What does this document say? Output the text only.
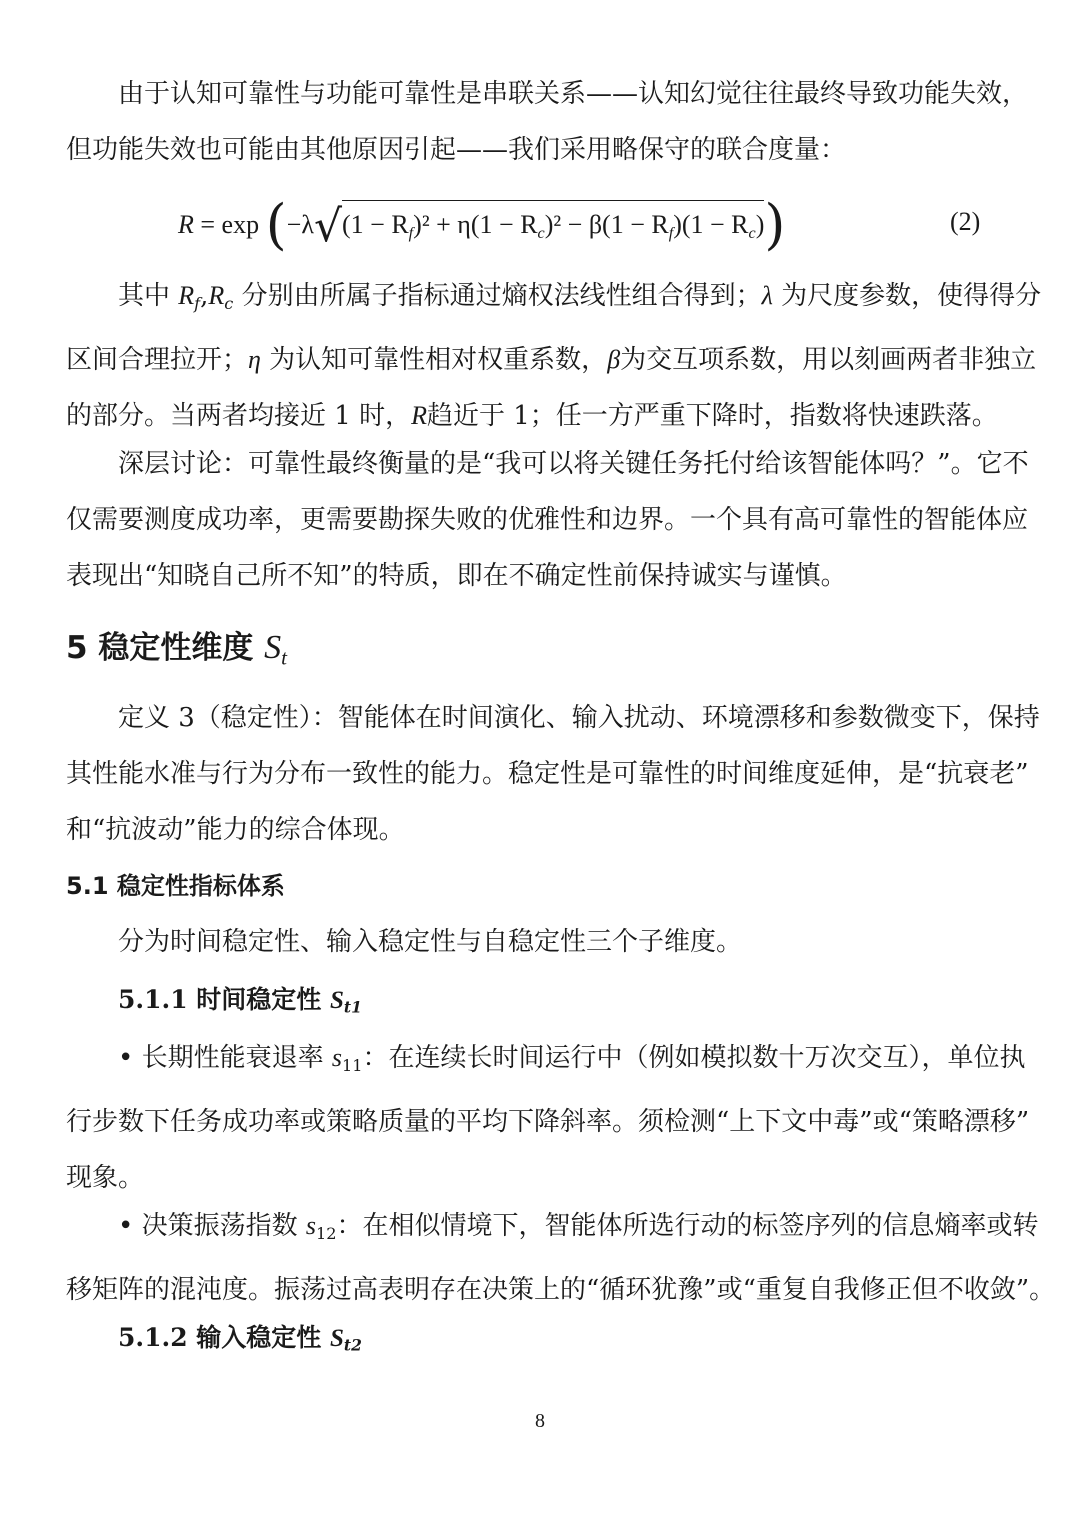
由于认知可靠性与功能可靠性是串联关系——认知幻觉往往最终导致功能失效，
但功能失效也可能由其他原因引起——我们采用略保守的联合度量：
$R = \exp (-\lambda√(1 - R_f)^2 + \eta(1 - R_c)^2 - \beta(1 - R_f)(1 - R_c))$	(2)
其中 $R_f,R_c$ 分别由所属子指标通过熵权法线性组合得到；λ 为尺度参数，使得得分
区间合理拉开；η 为认知可靠性相对权重系数，β为交互项系数，用以刻画两者非独立
的部分。当两者均接近 1 时，R趋近于 1；任一方严重下降时，指数将快速跌落。
深层讨论：可靠性最终衡量的是“我可以将关键任务托付给该智能体吗？”。它不
仅需要测度成功率，更需要勘探失败的优雅性和边界。一个具有高可靠性的智能体应
表现出“知晓自己所不知”的特质，即在不确定性前保持诚实与谨慎。
5 稳定性维度 $S_t$
定义 3（稳定性）：智能体在时间演化、输入扰动、环境漂移和参数微变下，保持
其性能水准与行为分布一致性的能力。稳定性是可靠性的时间维度延伸，是“抗衰老”
和“抗波动”能力的综合体现。
5.1 稳定性指标体系
分为时间稳定性、输入稳定性与自稳定性三个子维度。
5.1.1 时间稳定性 $S_{t1}$
• 长期性能衰退率 s11：在连续长时间运行中（例如模拟数十万次交互），单位执
行步数下任务成功率或策略质量的平均下降斜率。须检测“上下文中毒”或“策略漂移”
现象。
• 决策振荡指数 s12：在相似情境下，智能体所选行动的标签序列的信息熵率或转
移矩阵的混沌度。振荡过高表明存在决策上的“循环犹豫”或“重复自我修正但不收敛”。
5.1.2 输入稳定性 $S_{t2}$
8
